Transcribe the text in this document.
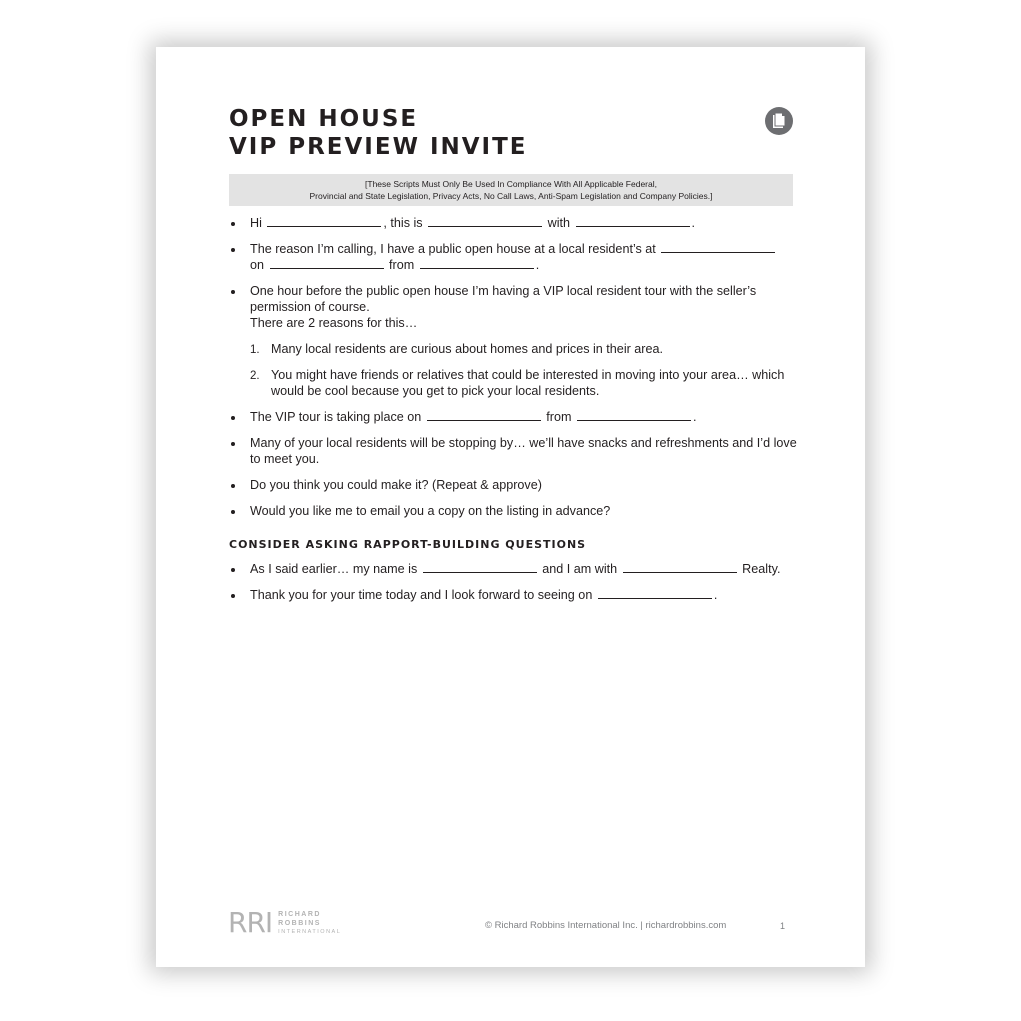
OPEN HOUSE
VIP PREVIEW INVITE
[These Scripts Must Only Be Used In Compliance With All Applicable Federal,
Provincial and State Legislation, Privacy Acts, No Call Laws, Anti-Spam Legislation and Company Policies.]
Hi	, this is	with	.
The reason I’m calling, I have a public open house at a local resident’s at
on	from	.
One hour before the public open house I’m having a VIP local resident tour with the seller’s permission of course.
There are 2 reasons for this…
1. Many local residents are curious about homes and prices in their area.
2. You might have friends or relatives that could be interested in moving into your area… which would be cool because you get to pick your local residents.
The VIP tour is taking place on	from	.
Many of your local residents will be stopping by… we’ll have snacks and refreshments and I’d love to meet you.
Do you think you could make it? (Repeat & approve)
Would you like me to email you a copy on the listing in advance?
CONSIDER ASKING RAPPORT-BUILDING QUESTIONS
As I said earlier… my name is	and I am with	Realty.
Thank you for your time today and I look forward to seeing on	.
RRI RICHARD
ROBBINS
INTERNATIONAL
© Richard Robbins International Inc. | richardrobbins.com	1
